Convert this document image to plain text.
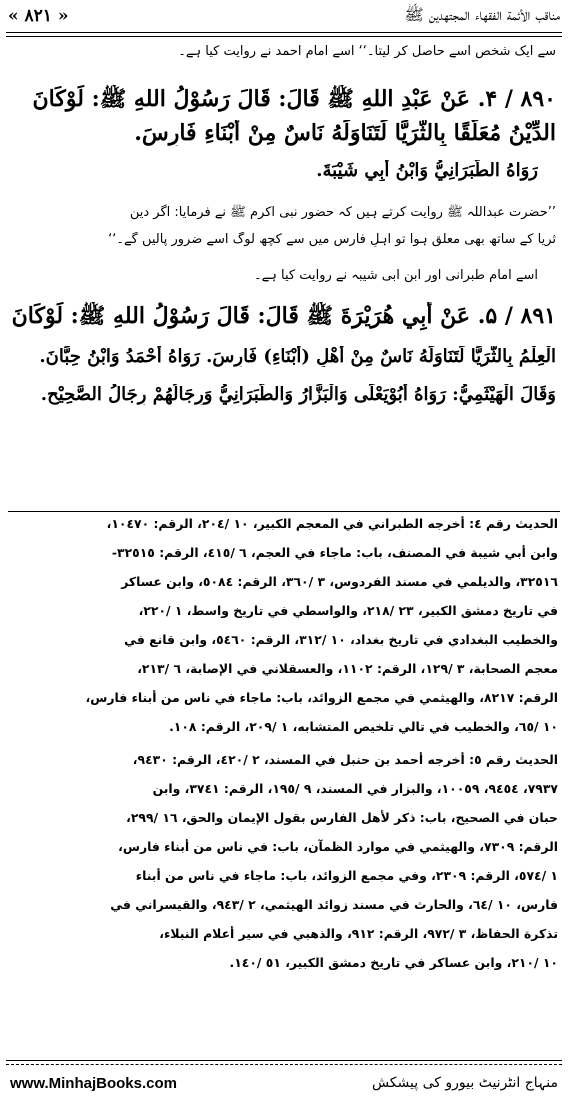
« ۸۲۱ »	مناقب الأئمة الفقهاء المجتهدين ﷺ
سے ایک شخص اسے حاصل کر لیتا۔‘‘ اسے امام احمد نے روایت کیا ہے۔
۸۹۰ / ۴. عَنْ عَبْدِ اللهِ ﷺ قَالَ: قَالَ رَسُوْلُ اللهِ ﷺ: لَوْكَانَ
الدِّيْنُ مُعَلَّقًا بِالثُّرَيَّا لَتَنَاوَلَهُ نَاسٌ مِنْ أَبْنَاءِ فَارِسَ.
رَوَاهُ الطَّبَرَانِيُّ وَابْنُ أَبِي شَيْبَةَ.
’’حضرت عبداللہ ﷺ روایت کرتے ہیں کہ حضور نبی اکرم ﷺ نے فرمایا: اگر دین
ثریا کے ساتھ بھی معلق ہوا تو اہلِ فارس میں سے کچھ لوگ اسے ضرور پالیں گے۔‘‘
اسے امام طبرانی اور ابن ابی شیبہ نے روایت کیا ہے۔
۸۹۱ / ۵. عَنْ أَبِي هُرَيْرَةَ ﷺ قَالَ: قَالَ رَسُوْلُ اللهِ ﷺ: لَوْكَانَ
الْعِلْمُ بِالثُّرَيَّا لَتَنَاوَلَهُ نَاسٌ مِنْ أَهْلِ (أَبْنَاءِ) فَارِسَ. رَوَاهُ أَحْمَدُ وَابْنُ حِبَّانَ.
وَقَالَ الْهَيْثَمِيُّ: رَوَاهُ أَبُوْيَعْلَى وَالْبَزَّارُ وَالطَّبَرَانِيُّ وَرِجَالُهُمْ رِجَالُ الصَّحِيْحِ.
الحديث رقم ٤: أخرجه الطبراني في المعجم الكبير، ١٠ /٢٠٤، الرقم: ١٠٤٧٠،
وابن أبي شيبة في المصنف، باب: ماجاء في العجم، ٦ /٤١٥، الرقم: ٣٢٥١٥-
٣٢٥١٦، والديلمي في مسند الفردوس، ٣ /٣٦٠، الرقم: ٥٠٨٤، وابن عساكر
في تاريخ دمشق الكبير، ٢٣ /٢١٨، والواسطي في تاريخ واسط، ١ /٢٢٠،
والخطيب البغدادي في تاريخ بغداد، ١٠ /٣١٢، الرقم: ٥٤٦٠، وابن قانع في
معجم الصحابة، ٣ /١٢٩، الرقم: ١١٠٢، والعسقلاني في الإصابة، ٦ /٢١٣،
الرقم: ٨٢١٧، والهيثمي في مجمع الزوائد، باب: ماجاء في ناس من أبناء فارس،
١٠ /٦٥، والخطيب في تالي تلخيص المتشابه، ١ /٢٠٩، الرقم: ١٠٨.
الحديث رقم ٥: أخرجه أحمد بن حنبل في المسند، ٢ /٤٢٠، الرقم: ٩٤٣٠،
٧٩٣٧، ٩٤٥٤، ١٠٠٥٩، والبزار في المسند، ٩ /١٩٥، الرقم: ٣٧٤١، وابن
حبان في الصحيح، باب: ذكر لأهل الفارس بقول الإيمان والحق، ١٦ /٢٩٩،
الرقم: ٧٣٠٩، والهيثمي في موارد الظمآن، باب: في ناس من أبناء فارس،
١ /٥٧٤، الرقم: ٢٣٠٩، وفي مجمع الزوائد، باب: ماجاء في ناس من أبناء
فارس، ١٠ /٦٤، والحارث في مسند زوائد الهيثمي، ٢ /٩٤٣، والقيسراني في
تذكرة الحفاظ، ٣ /٩٧٢، الرقم: ٩١٢، والذهبي في سير أعلام النبلاء،
١٠ /٢١٠، وابن عساكر في تاريخ دمشق الكبير، ٥١ /١٤٠.
www.MinhajBooks.com	منہاج انٹرنیٹ بیورو کی پیشکش
